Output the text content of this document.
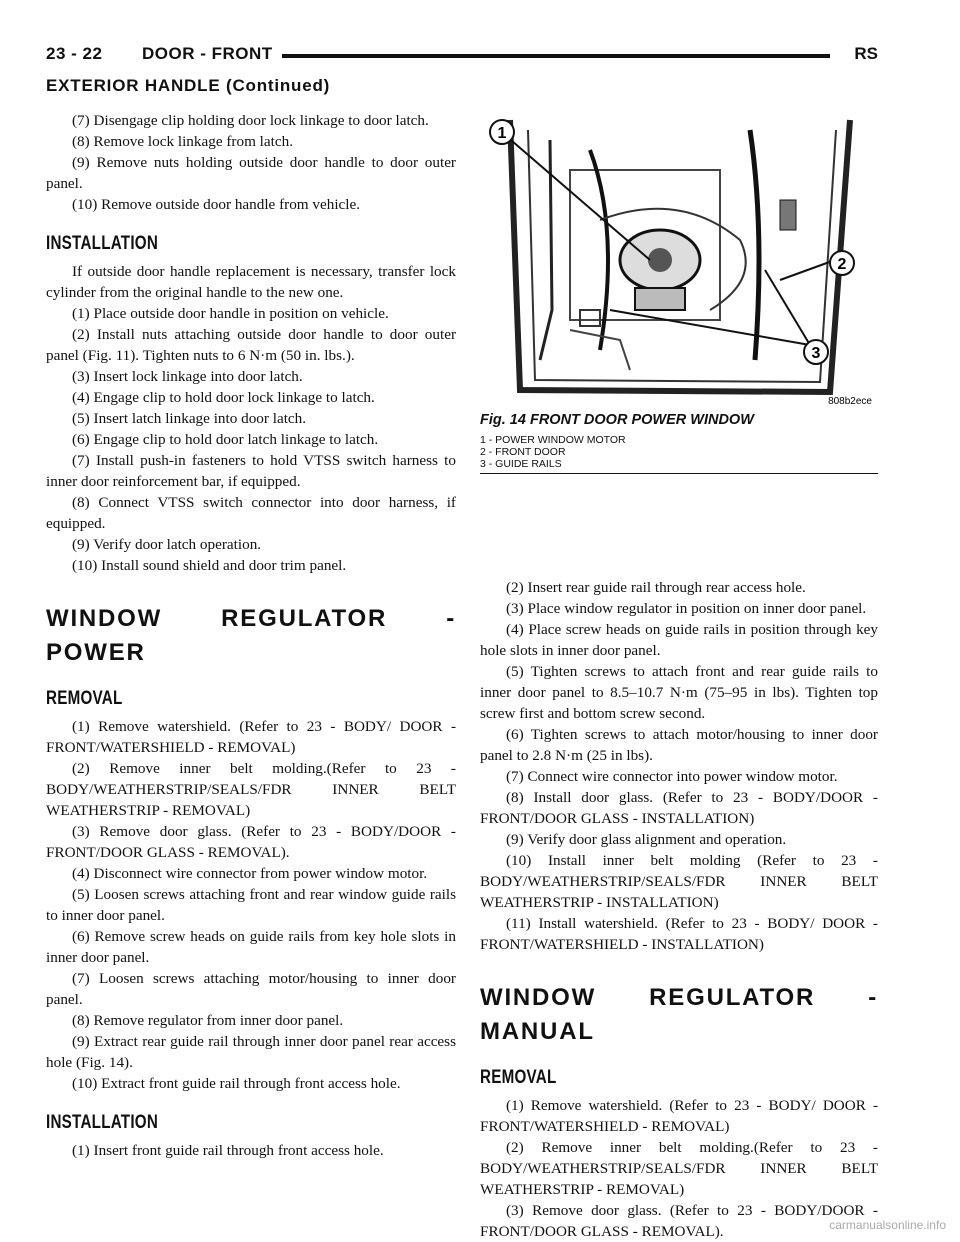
23 - 22 DOOR - FRONT	RS
EXTERIOR HANDLE (Continued)

(7) Disengage clip holding door lock linkage to door latch.

(8) Remove lock linkage from latch.

(9) Remove nuts holding outside door handle to door outer panel.

(10) Remove outside door handle from vehicle.

INSTALLATION

If outside door handle replacement is necessary, transfer lock cylinder from the original handle to the new one.

(1) Place outside door handle in position on vehicle.

(2) Install nuts attaching outside door handle to door outer panel (Fig. 11). Tighten nuts to 6 N·m (50 in. lbs.).

(3) Insert lock linkage into door latch.

(4) Engage clip to hold door lock linkage to latch.

(5) Insert latch linkage into door latch.

(6) Engage clip to hold door latch linkage to latch.

(7) Install push-in fasteners to hold VTSS switch harness to inner door reinforcement bar, if equipped.

(8) Connect VTSS switch connector into door harness, if equipped.

(9) Verify door latch operation.

(10) Install sound shield and door trim panel.

WINDOW REGULATOR - POWER
REMOVAL

(1) Remove watershield. (Refer to 23 - BODY/ DOOR - FRONT/WATERSHIELD - REMOVAL)

(2) Remove inner belt molding.(Refer to 23 - BODY/WEATHERSTRIP/SEALS/FDR INNER BELT WEATHERSTRIP - REMOVAL)

(3) Remove door glass. (Refer to 23 - BODY/DOOR - FRONT/DOOR GLASS - REMOVAL).

(4) Disconnect wire connector from power window motor.

(5) Loosen screws attaching front and rear window guide rails to inner door panel.

(6) Remove screw heads on guide rails from key hole slots in inner door panel.

(7) Loosen screws attaching motor/housing to inner door panel.

(8) Remove regulator from inner door panel.

(9) Extract rear guide rail through inner door panel rear access hole (Fig. 14).

(10) Extract front guide rail through front access hole.

INSTALLATION

(1) Insert front guide rail through front access hole.

1
2
3
808b2ece
Fig. 14 FRONT DOOR POWER WINDOW
1 - POWER WINDOW MOTOR
2 - FRONT DOOR
3 - GUIDE RAILS

(2) Insert rear guide rail through rear access hole.

(3) Place window regulator in position on inner door panel.

(4) Place screw heads on guide rails in position through key hole slots in inner door panel.

(5) Tighten screws to attach front and rear guide rails to inner door panel to 8.5–10.7 N·m (75–95 in lbs). Tighten top screw first and bottom screw second.

(6) Tighten screws to attach motor/housing to inner door panel to 2.8 N·m (25 in lbs).

(7) Connect wire connector into power window motor.

(8) Install door glass. (Refer to 23 - BODY/DOOR - FRONT/DOOR GLASS - INSTALLATION)

(9) Verify door glass alignment and operation.

(10) Install inner belt molding (Refer to 23 - BODY/WEATHERSTRIP/SEALS/FDR INNER BELT WEATHERSTRIP - INSTALLATION)

(11) Install watershield. (Refer to 23 - BODY/ DOOR - FRONT/WATERSHIELD - INSTALLATION)

WINDOW REGULATOR - MANUAL
REMOVAL

(1) Remove watershield. (Refer to 23 - BODY/ DOOR - FRONT/WATERSHIELD - REMOVAL)

(2) Remove inner belt molding.(Refer to 23 - BODY/WEATHERSTRIP/SEALS/FDR INNER BELT WEATHERSTRIP - REMOVAL)

(3) Remove door glass. (Refer to 23 - BODY/DOOR - FRONT/DOOR GLASS - REMOVAL).	carmanualsonline.info
